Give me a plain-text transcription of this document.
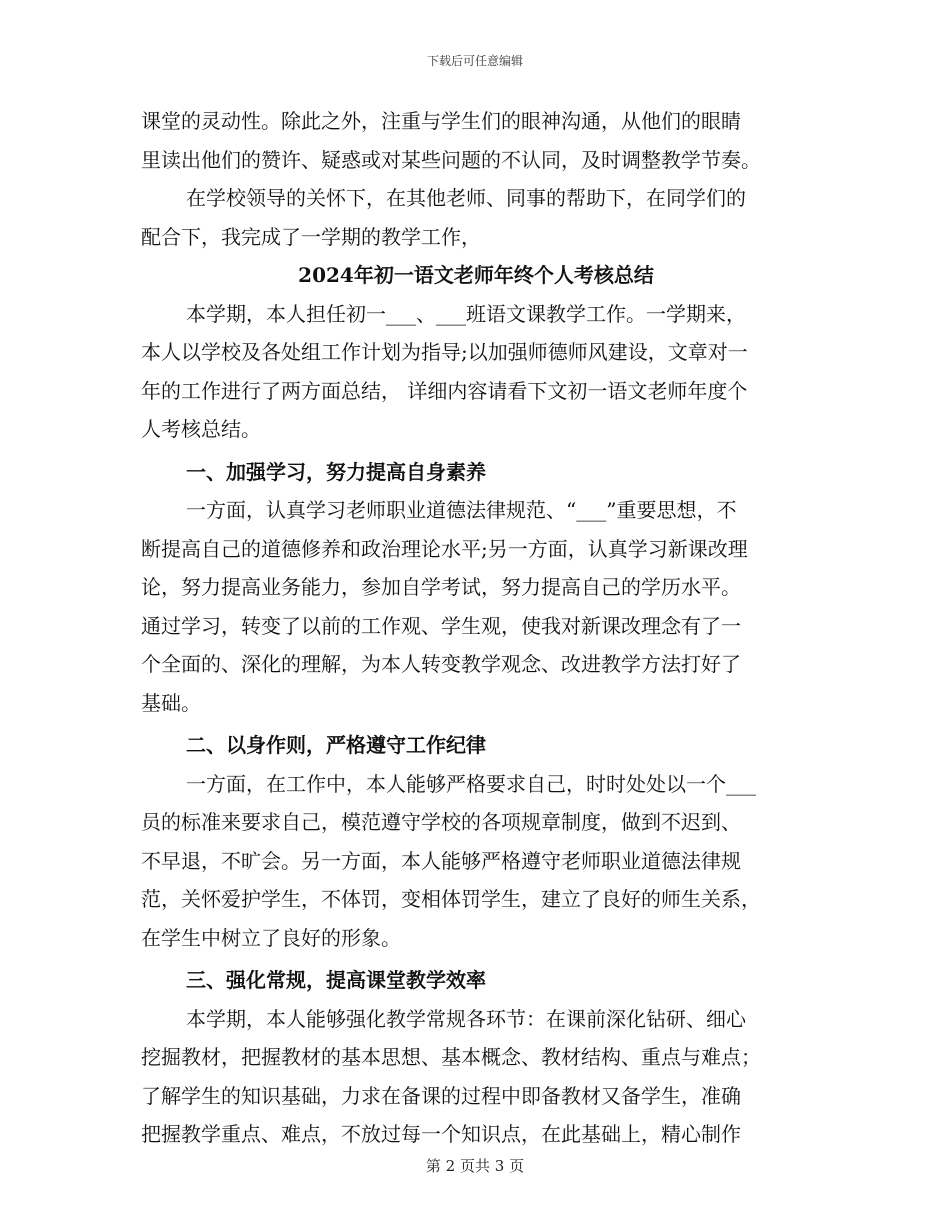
下载后可任意编辑
课堂的灵动性。除此之外，注重与学生们的眼神沟通，从他们的眼睛
里读出他们的赞许、疑惑或对某些问题的不认同，及时调整教学节奏。
在学校领导的关怀下，在其他老师、同事的帮助下，在同学们的
配合下，我完成了一学期的教学工作，
2024年初一语文老师年终个人考核总结
本学期，本人担任初一___、___班语文课教学工作。一学期来，
本人以学校及各处组工作计划为指导;以加强师德师风建设，文章对一
年的工作进行了两方面总结， 详细内容请看下文初一语文老师年度个
人考核总结。
一、加强学习，努力提高自身素养
一方面，认真学习老师职业道德法律规范、“___”重要思想，不
断提高自己的道德修养和政治理论水平;另一方面，认真学习新课改理
论，努力提高业务能力，参加自学考试，努力提高自己的学历水平。
通过学习，转变了以前的工作观、学生观，使我对新课改理念有了一
个全面的、深化的理解，为本人转变教学观念、改进教学方法打好了
基础。
二、以身作则，严格遵守工作纪律
一方面，在工作中，本人能够严格要求自己，时时处处以一个___
员的标准来要求自己，模范遵守学校的各项规章制度，做到不迟到、
不早退，不旷会。另一方面，本人能够严格遵守老师职业道德法律规
范，关怀爱护学生，不体罚，变相体罚学生，建立了良好的师生关系，
在学生中树立了良好的形象。
三、强化常规，提高课堂教学效率
本学期，本人能够强化教学常规各环节：在课前深化钻研、细心
挖掘教材，把握教材的基本思想、基本概念、教材结构、重点与难点；
了解学生的知识基础，力求在备课的过程中即备教材又备学生，准确
把握教学重点、难点，不放过每一个知识点，在此基础上，精心制作
第 2 页共 3 页
